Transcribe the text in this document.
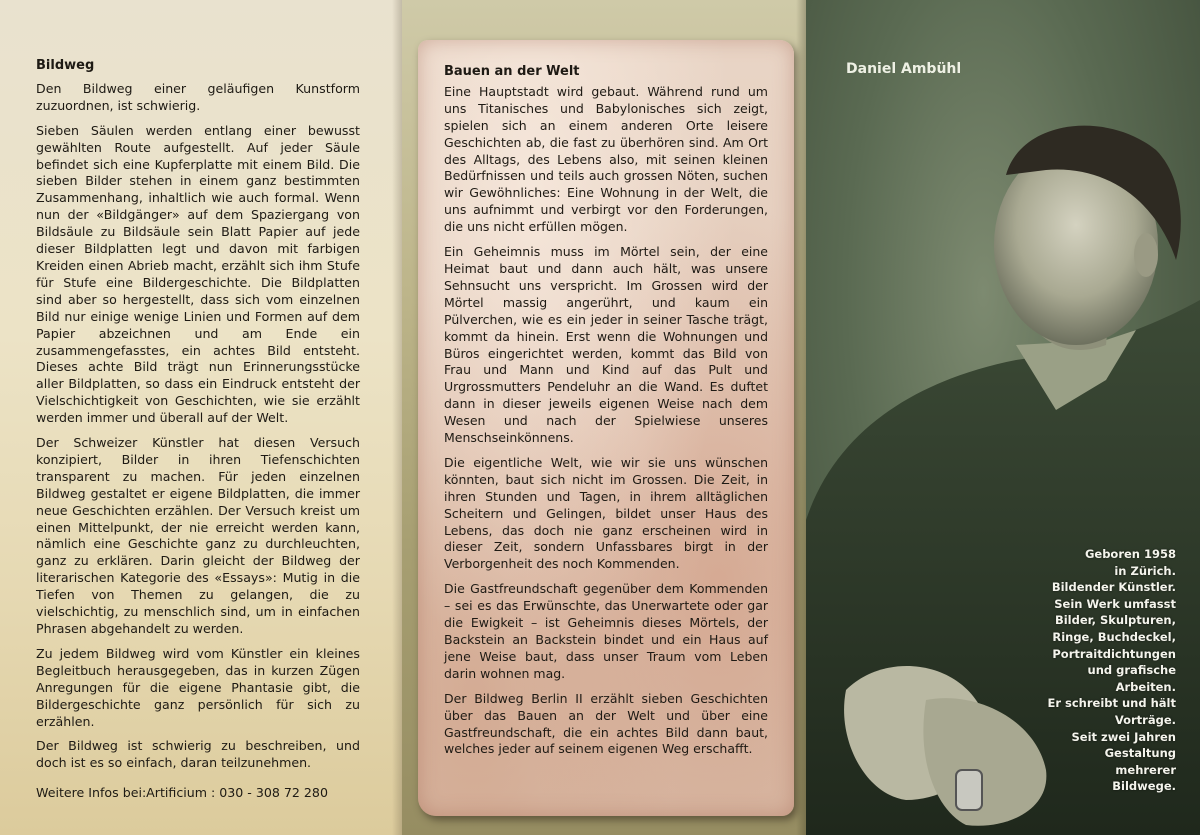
Bildweg

Den Bildweg einer geläufigen Kunstform zuzuordnen, ist schwierig.

Sieben Säulen werden entlang einer bewusst gewählten Route aufgestellt. Auf jeder Säule befindet sich eine Kupferplatte mit einem Bild. Die sieben Bilder stehen in einem ganz bestimmten Zusammenhang, inhaltlich wie auch formal. Wenn nun der «Bildgänger» auf dem Spaziergang von Bildsäule zu Bildsäule sein Blatt Papier auf jede dieser Bildplatten legt und davon mit farbigen Kreiden einen Abrieb macht, erzählt sich ihm Stufe für Stufe eine Bildergeschichte. Die Bildplatten sind aber so hergestellt, dass sich vom einzelnen Bild nur einige wenige Linien und Formen auf dem Papier abzeichnen und am Ende ein zusammengefasstes, ein achtes Bild entsteht. Dieses achte Bild trägt nun Erinnerungsstücke aller Bildplatten, so dass ein Eindruck entsteht der Vielschichtigkeit von Geschichten, wie sie erzählt werden immer und überall auf der Welt.

Der Schweizer Künstler hat diesen Versuch konzipiert, Bilder in ihren Tiefenschichten transparent zu machen. Für jeden einzelnen Bildweg gestaltet er eigene Bildplatten, die immer neue Geschichten erzählen. Der Versuch kreist um einen Mittelpunkt, der nie erreicht werden kann, nämlich eine Geschichte ganz zu durchleuchten, ganz zu erklären. Darin gleicht der Bildweg der literarischen Kategorie des «Essays»: Mutig in die Tiefen von Themen zu gelangen, die zu vielschichtig, zu menschlich sind, um in einfachen Phrasen abgehandelt zu werden.

Zu jedem Bildweg wird vom Künstler ein kleines Begleitbuch herausgegeben, das in kurzen Zügen Anregungen für die eigene Phantasie gibt, die Bildergeschichte ganz persönlich für sich zu erzählen.

Der Bildweg ist schwierig zu beschreiben, und doch ist es so einfach, daran teilzunehmen.

Weitere Infos bei:Artificium : 030 - 308 72 280
Bauen an der Welt

Eine Hauptstadt wird gebaut. Während rund um uns Titanisches und Babylonisches sich zeigt, spielen sich an einem anderen Orte leisere Geschichten ab, die fast zu überhören sind. Am Ort des Alltags, des Lebens also, mit seinen kleinen Bedürfnissen und teils auch grossen Nöten, suchen wir Gewöhnliches: Eine Wohnung in der Welt, die uns aufnimmt und verbirgt vor den Forderungen, die uns nicht erfüllen mögen.

Ein Geheimnis muss im Mörtel sein, der eine Heimat baut und dann auch hält, was unsere Sehnsucht uns verspricht. Im Grossen wird der Mörtel massig angerührt, und kaum ein Pülverchen, wie es ein jeder in seiner Tasche trägt, kommt da hinein. Erst wenn die Wohnungen und Büros eingerichtet werden, kommt das Bild von Frau und Mann und Kind auf das Pult und Urgrossmutters Pendeluhr an die Wand. Es duftet dann in dieser jeweils eigenen Weise nach dem Wesen und nach der Spielwiese unseres Menschseinkönnens.

Die eigentliche Welt, wie wir sie uns wünschen könnten, baut sich nicht im Grossen. Die Zeit, in ihren Stunden und Tagen, in ihrem alltäglichen Scheitern und Gelingen, bildet unser Haus des Lebens, das doch nie ganz erscheinen wird in dieser Zeit, sondern Unfassbares birgt in der Verborgenheit des noch Kommenden.

Die Gastfreundschaft gegenüber dem Kommenden – sei es das Erwünschte, das Unerwartete oder gar die Ewigkeit – ist Geheimnis dieses Mörtels, der Backstein an Backstein bindet und ein Haus auf jene Weise baut, dass unser Traum vom Leben darin wohnen mag.

Der Bildweg Berlin II erzählt sieben Geschichten über das Bauen an der Welt und über eine Gastfreundschaft, die ein achtes Bild dann baut, welches jeder auf seinem eigenen Weg erschafft.

Daniel Ambühl
Geboren 1958
in Zürich.
Bildender Künstler.
Sein Werk umfasst
Bilder, Skulpturen,
Ringe, Buchdeckel,
Portraitdichtungen
und grafische
Arbeiten.
Er schreibt und hält
Vorträge.
Seit zwei Jahren
Gestaltung
mehrerer
Bildwege.
